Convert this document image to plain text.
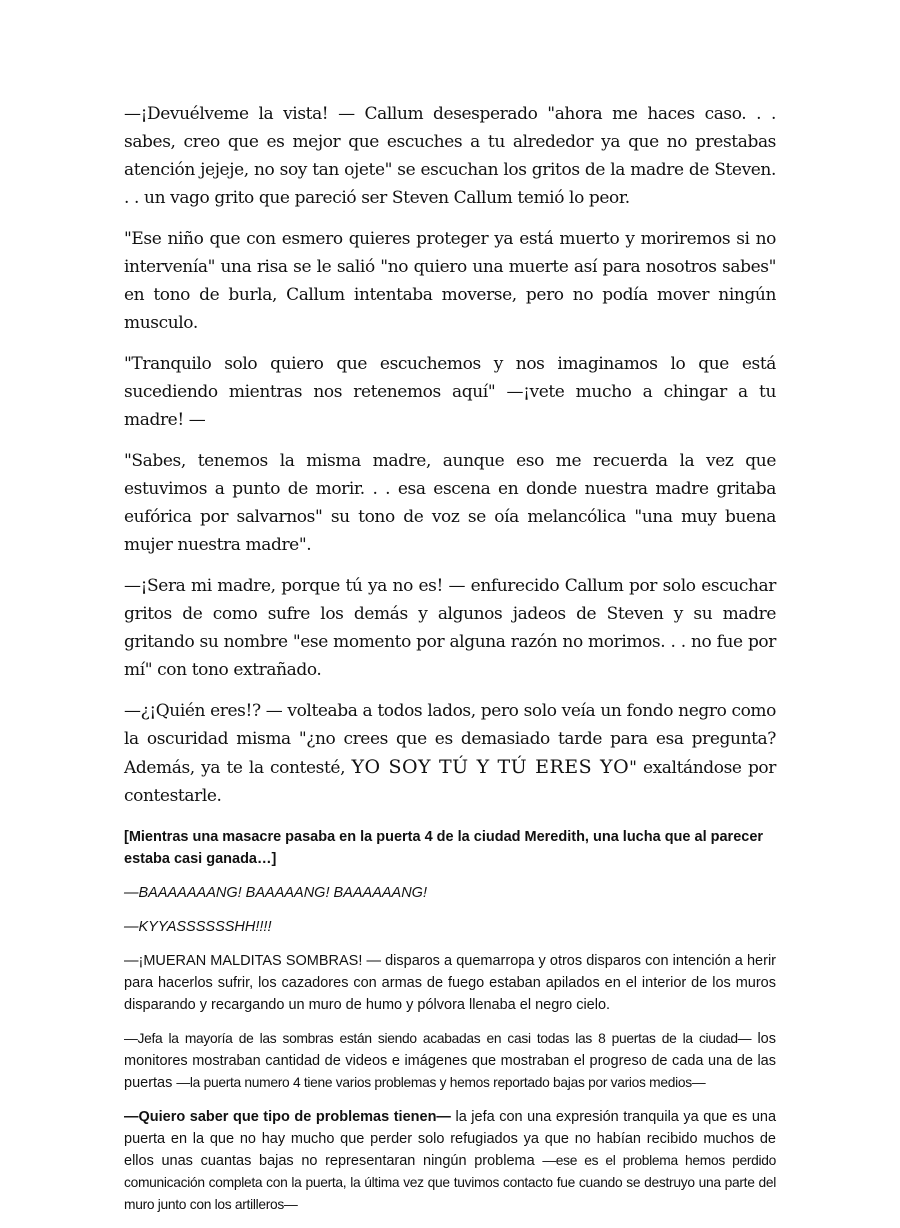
—¡Devuélveme la vista! — Callum desesperado "ahora me haces caso. . . sabes, creo que es mejor que escuches a tu alrededor ya que no prestabas atención jejeje, no soy tan ojete" se escuchan los gritos de la madre de Steven. . . un vago grito que pareció ser Steven Callum temió lo peor.

"Ese niño que con esmero quieres proteger ya está muerto y moriremos si no intervenía" una risa se le salió "no quiero una muerte así para nosotros sabes" en tono de burla, Callum intentaba moverse, pero no podía mover ningún musculo.

"Tranquilo solo quiero que escuchemos y nos imaginamos lo que está sucediendo mientras nos retenemos aquí" —¡vete mucho a chingar a tu madre! —

"Sabes, tenemos la misma madre, aunque eso me recuerda la vez que estuvimos a punto de morir. . . esa escena en donde nuestra madre gritaba eufórica por salvarnos" su tono de voz se oía melancólica "una muy buena mujer nuestra madre".

—¡Sera mi madre, porque tú ya no es! — enfurecido Callum por solo escuchar gritos de como sufre los demás y algunos jadeos de Steven y su madre gritando su nombre "ese momento por alguna razón no morimos. . . no fue por mí" con tono extrañado.

—¿¡Quién eres!? — volteaba a todos lados, pero solo veía un fondo negro como la oscuridad misma "¿no crees que es demasiado tarde para esa pregunta? Además, ya te la contesté, YO SOY TÚ Y TÚ ERES YO" exaltándose por contestarle.

[Mientras una masacre pasaba en la puerta 4 de la ciudad Meredith, una lucha que al parecer estaba casi ganada…]

—BAAAAAAANG! BAAAAANG! BAAAAAANG!

—KYYASSSSSSHH!!!!

—¡MUERAN MALDITAS SOMBRAS! — disparos a quemarropa y otros disparos con intención a herir para hacerlos sufrir, los cazadores con armas de fuego estaban apilados en el interior de los muros disparando y recargando un muro de humo y pólvora llenaba el negro cielo.

—Jefa la mayoría de las sombras están siendo acabadas en casi todas las 8 puertas de la ciudad— los monitores mostraban cantidad de videos e imágenes que mostraban el progreso de cada una de las puertas —la puerta numero 4 tiene varios problemas y hemos reportado bajas por varios medios—

—Quiero saber que tipo de problemas tienen— la jefa con una expresión tranquila ya que es una puerta en la que no hay mucho que perder solo refugiados ya que no habían recibido muchos de ellos unas cuantas bajas no representaran ningún problema —ese es el problema hemos perdido comunicación completa con la puerta, la última vez que tuvimos contacto fue cuando se destruyo una parte del muro junto con los artilleros—
